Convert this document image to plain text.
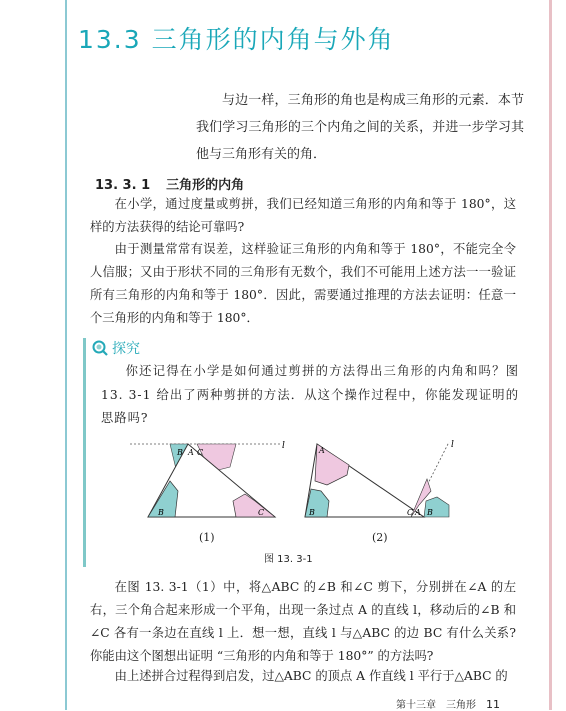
13.3 三角形的内角与外角
与边一样，三角形的角也是构成三角形的元素．本节我们学习三角形的三个内角之间的关系，并进一步学习其他与三角形有关的角．
13. 3. 1 三角形的内角
在小学，通过度量或剪拼，我们已经知道三角形的内角和等于 180°，这样的方法获得的结论可靠吗?
由于测量常常有误差，这样验证三角形的内角和等于 180°，不能完全令人信服；又由于形状不同的三角形有无数个，我们不可能用上述方法一一验证所有三角形的内角和等于 180°．因此，需要通过推理的方法去证明：任意一个三角形的内角和等于 180°．
探究
你还记得在小学是如何通过剪拼的方法得出三角形的内角和吗？图 13. 3-1 给出了两种剪拼的方法．从这个操作过程中，你能发现证明的思路吗?
l
B A C
B	C
l
A
B	C A B
(1)	(2)
图 13. 3-1
在图 13. 3-1（1）中，将△ABC 的∠B 和∠C 剪下，分别拼在∠A 的左右，三个角合起来形成一个平角，出现一条过点 A 的直线 l，移动后的∠B 和∠C 各有一条边在直线 l 上．想一想，直线 l 与△ABC 的边 BC 有什么关系?你能由这个图想出证明 “三角形的内角和等于 180°” 的方法吗?
由上述拼合过程得到启发，过△ABC 的顶点 A 作直线 l 平行于△ABC 的
第十三章　三角形 11
